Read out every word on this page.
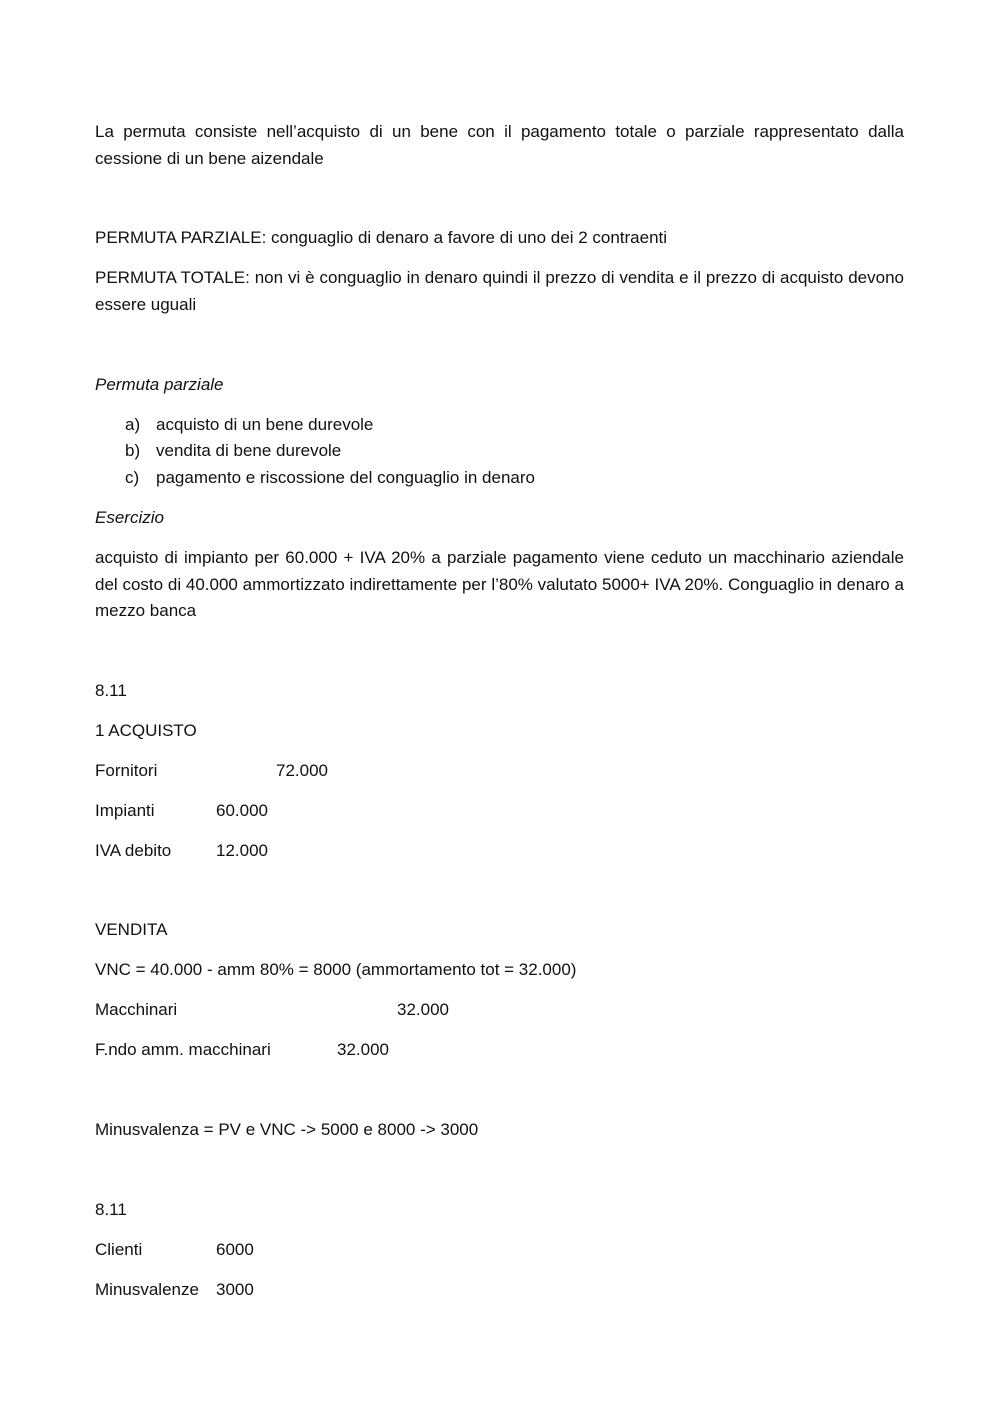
La permuta consiste nell’acquisto di un bene con il pagamento totale o parziale rappresentato dalla cessione di un bene aizendale
PERMUTA PARZIALE: conguaglio di denaro a favore di uno dei 2 contraenti
PERMUTA TOTALE: non vi è conguaglio in denaro quindi il prezzo di vendita e il prezzo di acquisto devono essere uguali
Permuta parziale
a) acquisto di un bene durevole
b) vendita di bene durevole
c) pagamento e riscossione del conguaglio in denaro
Esercizio
acquisto di impianto per 60.000 + IVA 20% a parziale pagamento viene ceduto un macchinario aziendale del costo di 40.000 ammortizzato indirettamente per l’80% valutato 5000+ IVA 20%. Conguaglio in denaro a mezzo banca
8.11
1 ACQUISTO
Fornitori	72.000
Impianti	60.000
IVA debito	12.000
VENDITA
VNC = 40.000 - amm 80% = 8000 (ammortamento tot = 32.000)
Macchinari	32.000
F.ndo amm. macchinari	32.000
Minusvalenza = PV e VNC -> 5000 e 8000 -> 3000
8.11
Clienti	6000
Minusvalenze 3000
